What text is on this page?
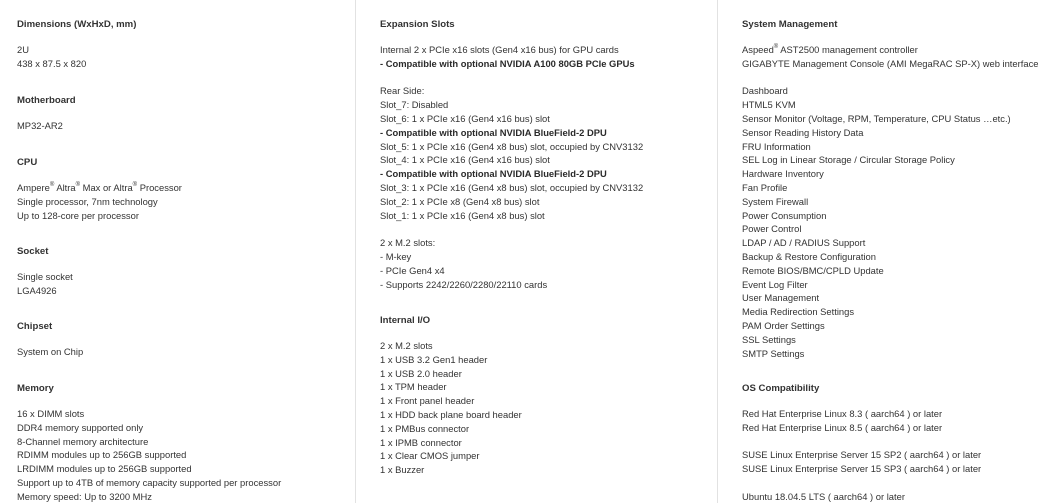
Dimensions (WxHxD, mm)
2U
438 x 87.5 x 820
Motherboard
MP32-AR2
CPU
Ampere® Altra® Max or Altra® Processor
Single processor, 7nm technology
Up to 128-core per processor
Socket
Single socket
LGA4926
Chipset
System on Chip
Memory
16 x DIMM slots
DDR4 memory supported only
8-Channel memory architecture
RDIMM modules up to 256GB supported
LRDIMM modules up to 256GB supported
Support up to 4TB of memory capacity supported per processor
Memory speed: Up to 3200 MHz
Expansion Slots
Internal 2 x PCIe x16 slots (Gen4 x16 bus) for GPU cards
- Compatible with optional NVIDIA A100 80GB PCIe GPUs
Rear Side:
Slot_7: Disabled
Slot_6: 1 x PCIe x16 (Gen4 x16 bus) slot
- Compatible with optional NVIDIA BlueField-2 DPU
Slot_5: 1 x PCIe x16 (Gen4 x8 bus) slot, occupied by CNV3132
Slot_4: 1 x PCIe x16 (Gen4 x16 bus) slot
- Compatible with optional NVIDIA BlueField-2 DPU
Slot_3: 1 x PCIe x16 (Gen4 x8 bus) slot, occupied by CNV3132
Slot_2: 1 x PCIe x8 (Gen4 x8 bus) slot
Slot_1: 1 x PCIe x16 (Gen4 x8 bus) slot
2 x M.2 slots:
- M-key
- PCIe Gen4 x4
- Supports 2242/2260/2280/22110 cards
Internal I/O
2 x M.2 slots
1 x USB 3.2 Gen1 header
1 x USB 2.0 header
1 x TPM header
1 x Front panel header
1 x HDD back plane board header
1 x PMBus connector
1 x IPMB connector
1 x Clear CMOS jumper
1 x Buzzer
System Management
Aspeed® AST2500 management controller
GIGABYTE Management Console (AMI MegaRAC SP-X) web interface
Dashboard
HTML5 KVM
Sensor Monitor (Voltage, RPM, Temperature, CPU Status …etc.)
Sensor Reading History Data
FRU Information
SEL Log in Linear Storage / Circular Storage Policy
Hardware Inventory
Fan Profile
System Firewall
Power Consumption
Power Control
LDAP / AD / RADIUS Support
Backup & Restore Configuration
Remote BIOS/BMC/CPLD Update
Event Log Filter
User Management
Media Redirection Settings
PAM Order Settings
SSL Settings
SMTP Settings
OS Compatibility
Red Hat Enterprise Linux 8.3 ( aarch64 ) or later
Red Hat Enterprise Linux 8.5 ( aarch64 ) or later
SUSE Linux Enterprise Server 15 SP2 ( aarch64 ) or later
SUSE Linux Enterprise Server 15 SP3 ( aarch64 ) or later
Ubuntu 18.04.5 LTS ( aarch64 ) or later
